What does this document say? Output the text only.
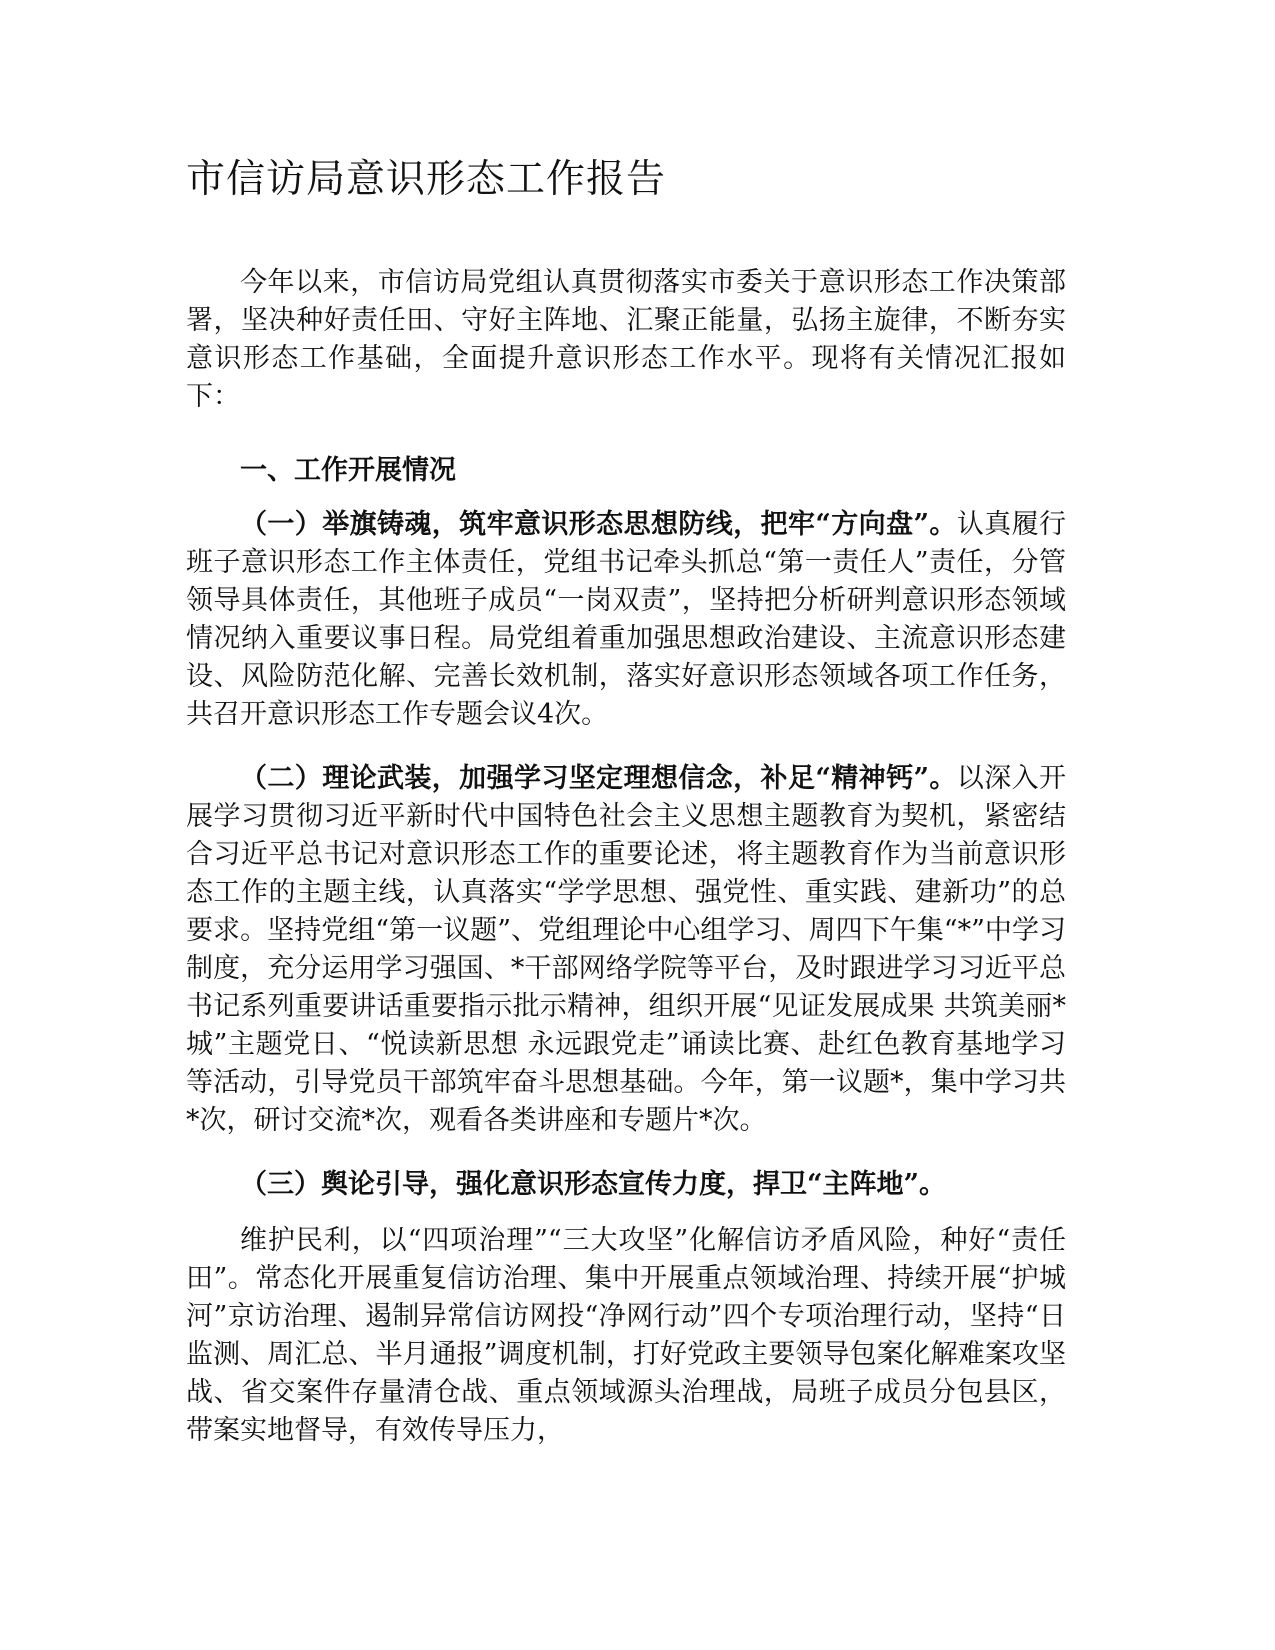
市信访局意识形态工作报告

今年以来，市信访局党组认真贯彻落实市委关于意识形态工作决策部署，坚决种好责任田、守好主阵地、汇聚正能量，弘扬主旋律，不断夯实意识形态工作基础，全面提升意识形态工作水平。现将有关情况汇报如下：

一、工作开展情况

（一）举旗铸魂，筑牢意识形态思想防线，把牢“方向盘”。认真履行班子意识形态工作主体责任，党组书记牵头抓总“第一责任人”责任，分管领导具体责任，其他班子成员“一岗双责”，坚持把分析研判意识形态领域情况纳入重要议事日程。局党组着重加强思想政治建设、主流意识形态建设、风险防范化解、完善长效机制，落实好意识形态领域各项工作任务，共召开意识形态工作专题会议4次。

（二）理论武装，加强学习坚定理想信念，补足“精神钙”。以深入开展学习贯彻习近平新时代中国特色社会主义思想主题教育为契机，紧密结合习近平总书记对意识形态工作的重要论述，将主题教育作为当前意识形态工作的主题主线，认真落实“学学思想、强党性、重实践、建新功”的总要求。坚持党组“第一议题”、党组理论中心组学习、周四下午集“*”中学习制度，充分运用学习强国、*干部网络学院等平台，及时跟进学习习近平总书记系列重要讲话重要指示批示精神，组织开展“见证发展成果 共筑美丽*城”主题党日、“悦读新思想 永远跟党走”诵读比赛、赴红色教育基地学习等活动，引导党员干部筑牢奋斗思想基础。今年，第一议题*，集中学习共*次，研讨交流*次，观看各类讲座和专题片*次。

（三）舆论引导，强化意识形态宣传力度，捍卫“主阵地”。

维护民利，以“四项治理”“三大攻坚”化解信访矛盾风险，种好“责任田”。常态化开展重复信访治理、集中开展重点领域治理、持续开展“护城河”京访治理、遏制异常信访网投“净网行动”四个专项治理行动，坚持“日监测、周汇总、半月通报”调度机制，打好党政主要领导包案化解难案攻坚战、省交案件存量清仓战、重点领域源头治理战，局班子成员分包县区，带案实地督导，有效传导压力，
